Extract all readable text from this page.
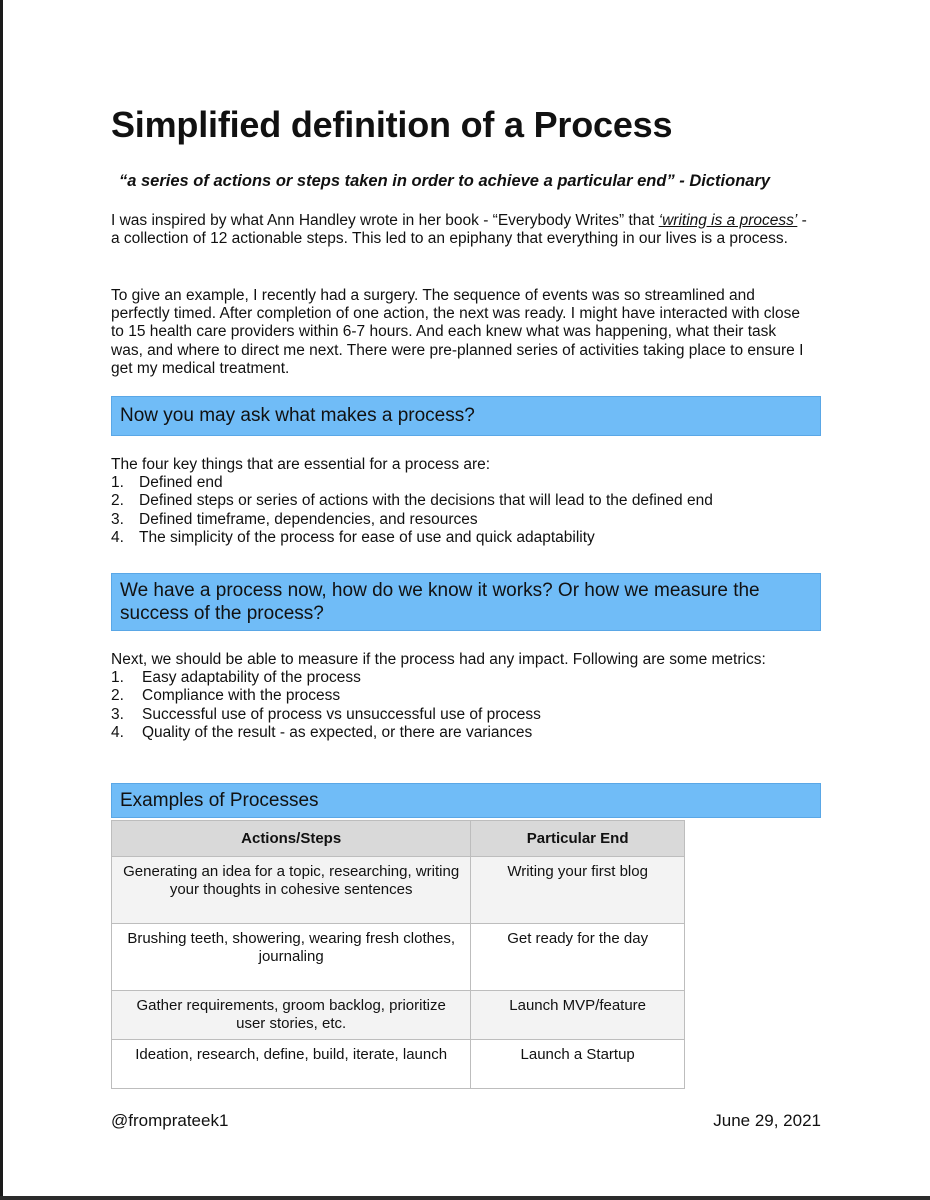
Simplified definition of a Process

“a series of actions or steps taken in order to achieve a particular end” - Dictionary

I was inspired by what Ann Handley wrote in her book - “Everybody Writes” that ‘writing is a process’ - a collection of 12 actionable steps. This led to an epiphany that everything in our lives is a process.

To give an example, I recently had a surgery. The sequence of events was so streamlined and perfectly timed. After completion of one action, the next was ready. I might have interacted with close to 15 health care providers within 6-7 hours. And each knew what was happening, what their task was, and where to direct me next. There were pre-planned series of activities taking place to ensure I get my medical treatment.

Now you may ask what makes a process?

The four key things that are essential for a process are:

1. Defined end
2. Defined steps or series of actions with the decisions that will lead to the defined end
3. Defined timeframe, dependencies, and resources
4. The simplicity of the process for ease of use and quick adaptability
We have a process now, how do we know it works? Or how we measure the success of the process?

Next, we should be able to measure if the process had any impact. Following are some metrics:

1.	Easy adaptability of the process
2.	Compliance with the process
3.	Successful use of process vs unsuccessful use of process
4.	Quality of the result - as expected, or there are variances
Examples of Processes
Actions/Steps	Particular End
Generating an idea for a topic, researching, writing your thoughts in cohesive sentences	Writing your first blog
Brushing teeth, showering, wearing fresh clothes, journaling	Get ready for the day
Gather requirements, groom backlog, prioritize user stories, etc.	Launch MVP/feature
Ideation, research, define, build, iterate, launch	Launch a Startup
@fromprateek1	June 29, 2021
